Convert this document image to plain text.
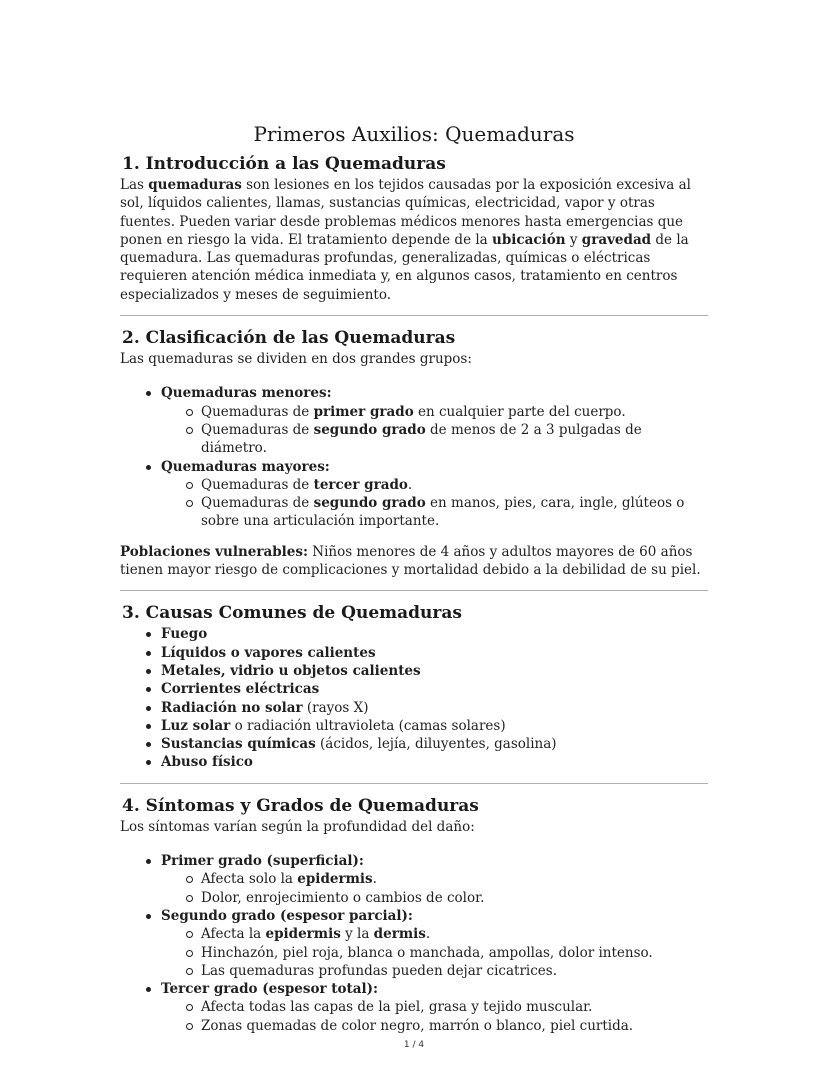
Primeros Auxilios: Quemaduras
1. Introducción a las Quemaduras

Las quemaduras son lesiones en los tejidos causadas por la exposición excesiva al sol, líquidos calientes, llamas, sustancias químicas, electricidad, vapor y otras fuentes. Pueden variar desde problemas médicos menores hasta emergencias que ponen en riesgo la vida. El tratamiento depende de la ubicación y gravedad de la quemadura. Las quemaduras profundas, generalizadas, químicas o eléctricas requieren atención médica inmediata y, en algunos casos, tratamiento en centros especializados y meses de seguimiento.

2. Clasificación de las Quemaduras

Las quemaduras se dividen en dos grandes grupos:

Quemaduras menores:
Quemaduras de primer grado en cualquier parte del cuerpo.
Quemaduras de segundo grado de menos de 2 a 3 pulgadas de diámetro.
Quemaduras mayores:
Quemaduras de tercer grado.
Quemaduras de segundo grado en manos, pies, cara, ingle, glúteos o sobre una articulación importante.

Poblaciones vulnerables: Niños menores de 4 años y adultos mayores de 60 años tienen mayor riesgo de complicaciones y mortalidad debido a la debilidad de su piel.

3. Causas Comunes de Quemaduras
Fuego
Líquidos o vapores calientes
Metales, vidrio u objetos calientes
Corrientes eléctricas
Radiación no solar (rayos X)
Luz solar o radiación ultravioleta (camas solares)
Sustancias químicas (ácidos, lejía, diluyentes, gasolina)
Abuso físico
4. Síntomas y Grados de Quemaduras

Los síntomas varían según la profundidad del daño:

Primer grado (superficial):
Afecta solo la epidermis.
Dolor, enrojecimiento o cambios de color.
Segundo grado (espesor parcial):
Afecta la epidermis y la dermis.
Hinchazón, piel roja, blanca o manchada, ampollas, dolor intenso.
Las quemaduras profundas pueden dejar cicatrices.
Tercer grado (espesor total):
Afecta todas las capas de la piel, grasa y tejido muscular.
Zonas quemadas de color negro, marrón o blanco, piel curtida.
1 / 4
